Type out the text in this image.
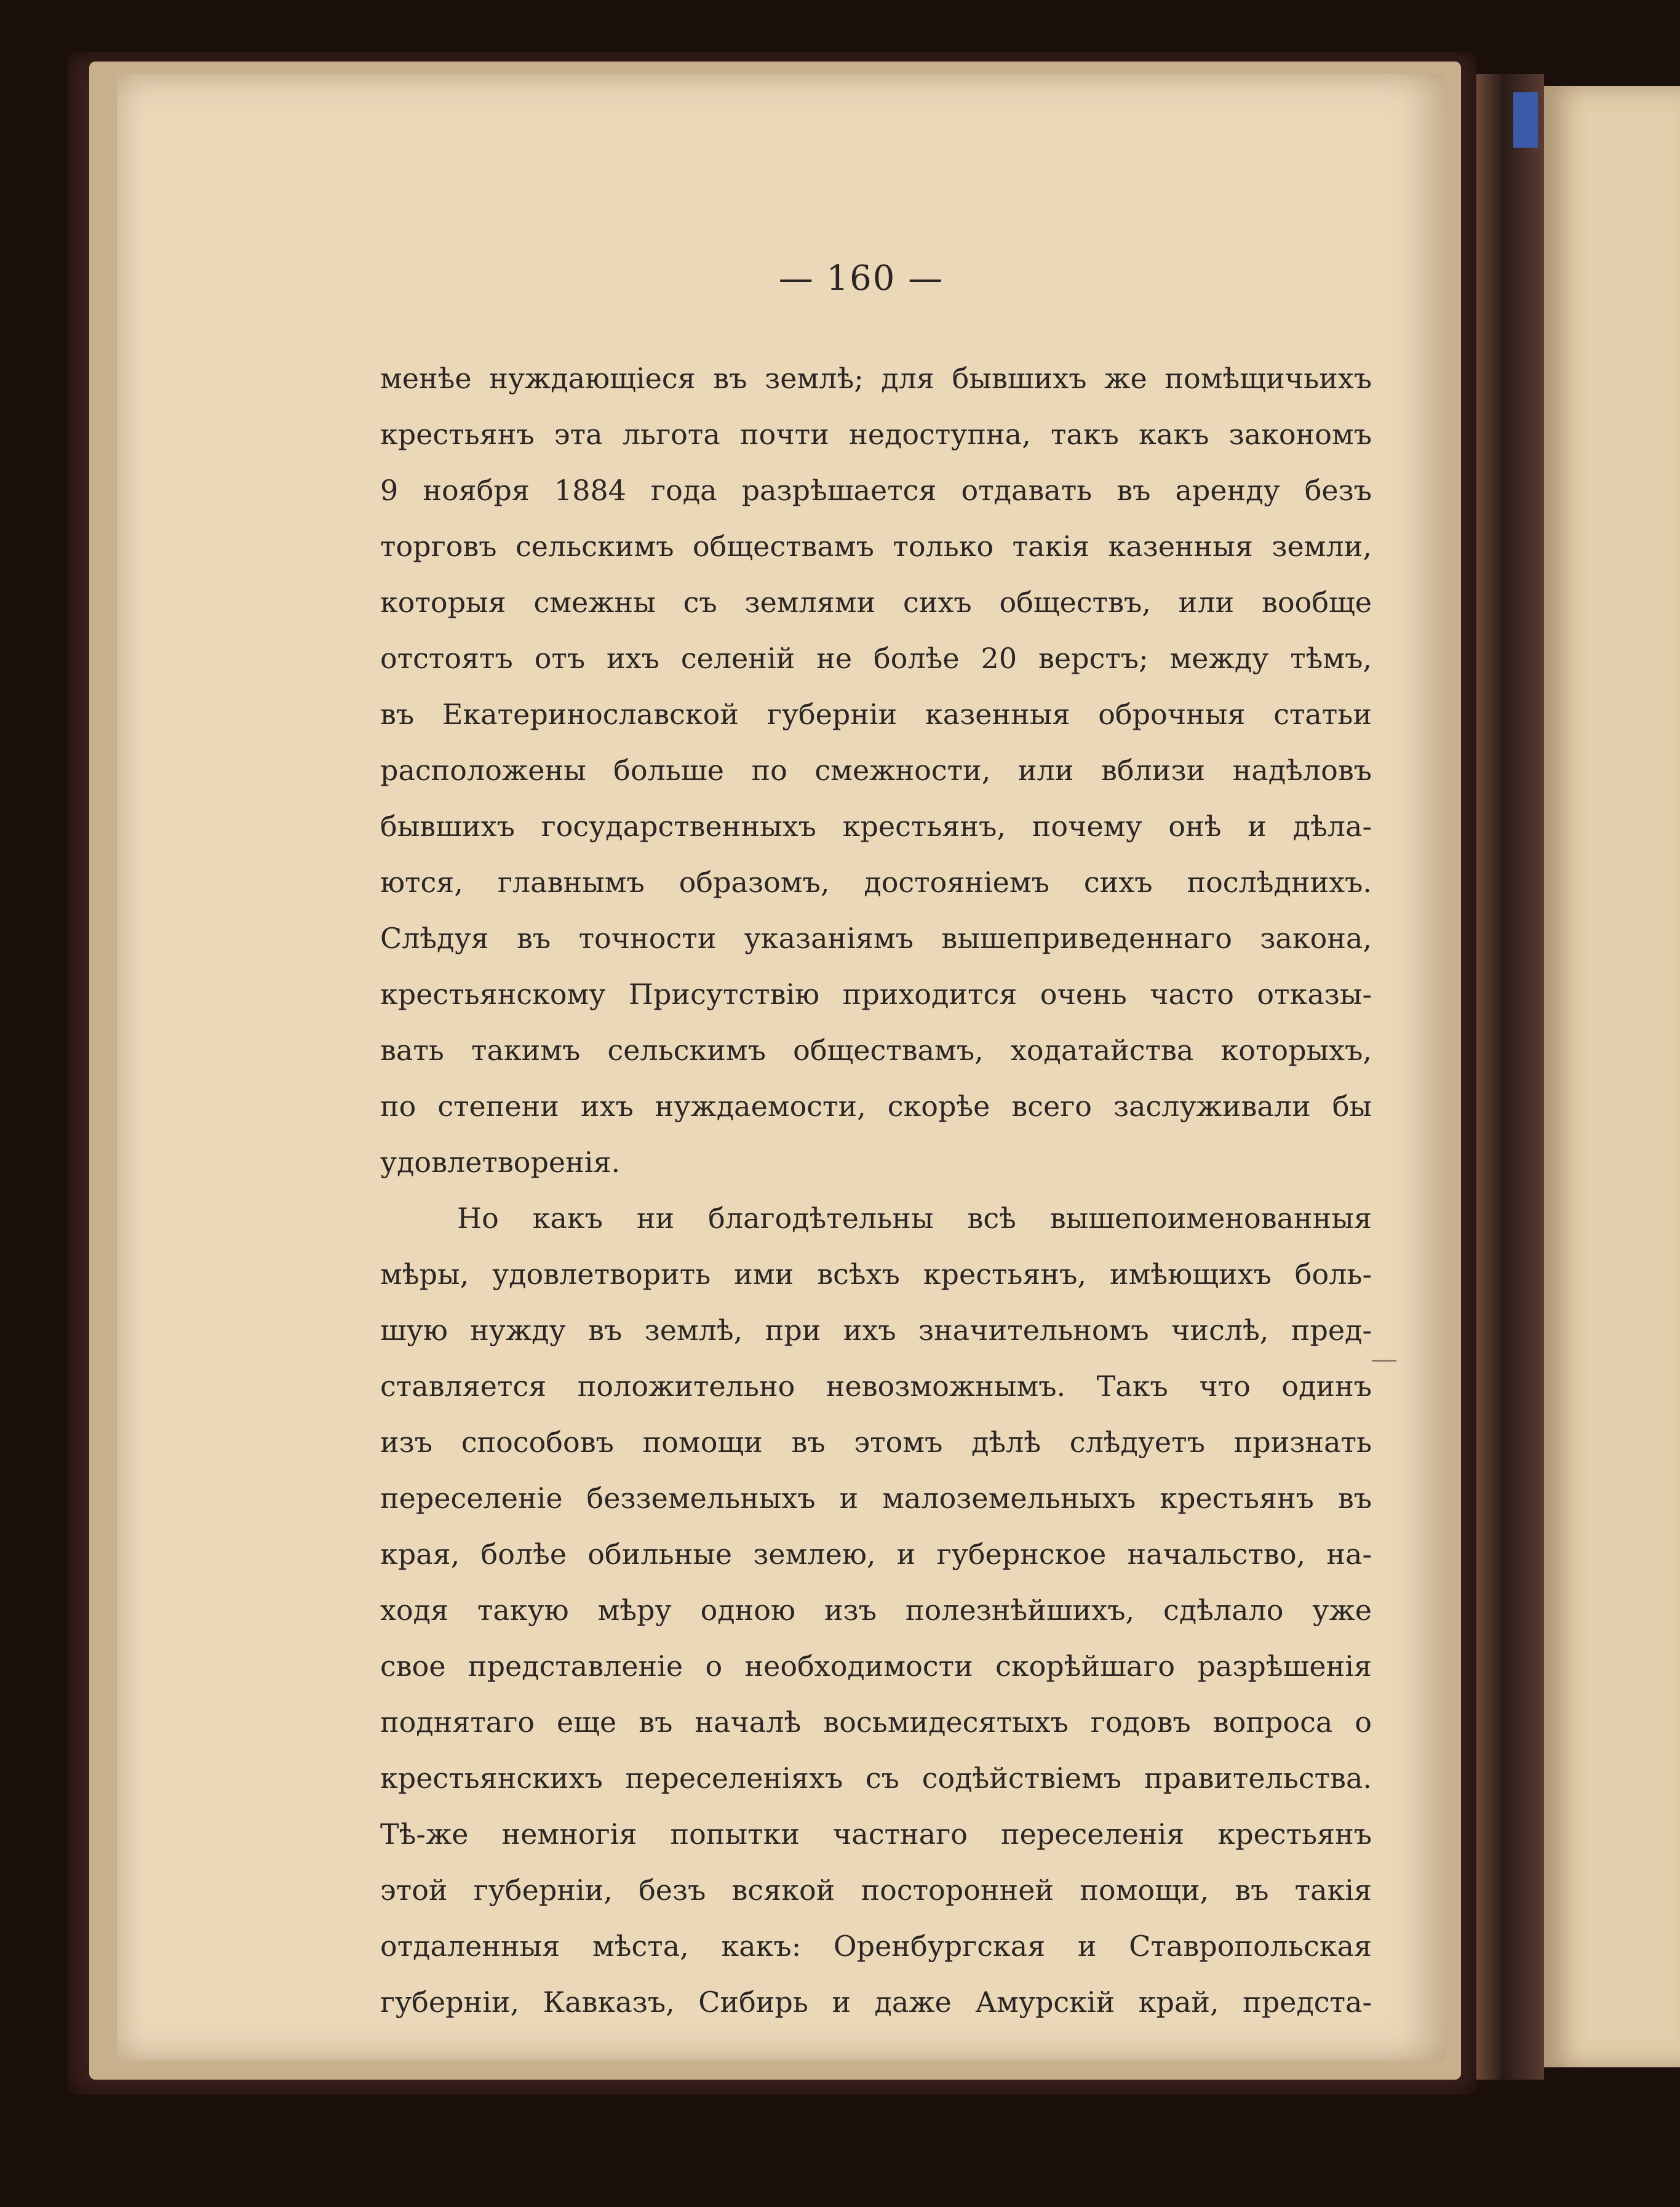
— 160 —
менѣе нуждающіеся въ землѣ; для бывшихъ же помѣщичьихъ
крестьянъ эта льгота почти недоступна, такъ какъ закономъ
9 ноября 1884 года разрѣшается отдавать въ аренду безъ
торговъ сельскимъ обществамъ только такія казенныя земли,
которыя смежны съ землями сихъ обществъ, или вообще
отстоятъ отъ ихъ селеній не болѣе 20 верстъ; между тѣмъ,
въ Екатеринославской губерніи казенныя оброчныя статьи
расположены больше по смежности, или вблизи надѣловъ
бывшихъ государственныхъ крестьянъ, почему онѣ и дѣла-
ются, главнымъ образомъ, достояніемъ сихъ послѣднихъ.
Слѣдуя въ точности указаніямъ вышеприведеннаго закона,
крестьянскому Присутствію приходится очень часто отказы-
вать такимъ сельскимъ обществамъ, ходатайства которыхъ,
по степени ихъ нуждаемости, скорѣе всего заслуживали бы
удовлетворенія.
Но какъ ни благодѣтельны всѣ вышепоименованныя
мѣры, удовлетворить ими всѣхъ крестьянъ, имѣющихъ боль-
шую нужду въ землѣ, при ихъ значительномъ числѣ, пред-
ставляется положительно невозможнымъ. Такъ что одинъ
изъ способовъ помощи въ этомъ дѣлѣ слѣдуетъ признать
переселеніе безземельныхъ и малоземельныхъ крестьянъ въ
края, болѣе обильные землею, и губернское начальство, на-
ходя такую мѣру одною изъ полезнѣйшихъ, сдѣлало уже
свое представленіе о необходимости скорѣйшаго разрѣшенія
поднятаго еще въ началѣ восьмидесятыхъ годовъ вопроса о
крестьянскихъ переселеніяхъ съ содѣйствіемъ правительства.
Тѣ-же немногія попытки частнаго переселенія крестьянъ
этой губерніи, безъ всякой посторонней помощи, въ такія
отдаленныя мѣста, какъ: Оренбургская и Ставропольская
губерніи, Кавказъ, Сибирь и даже Амурскій край, предста-
